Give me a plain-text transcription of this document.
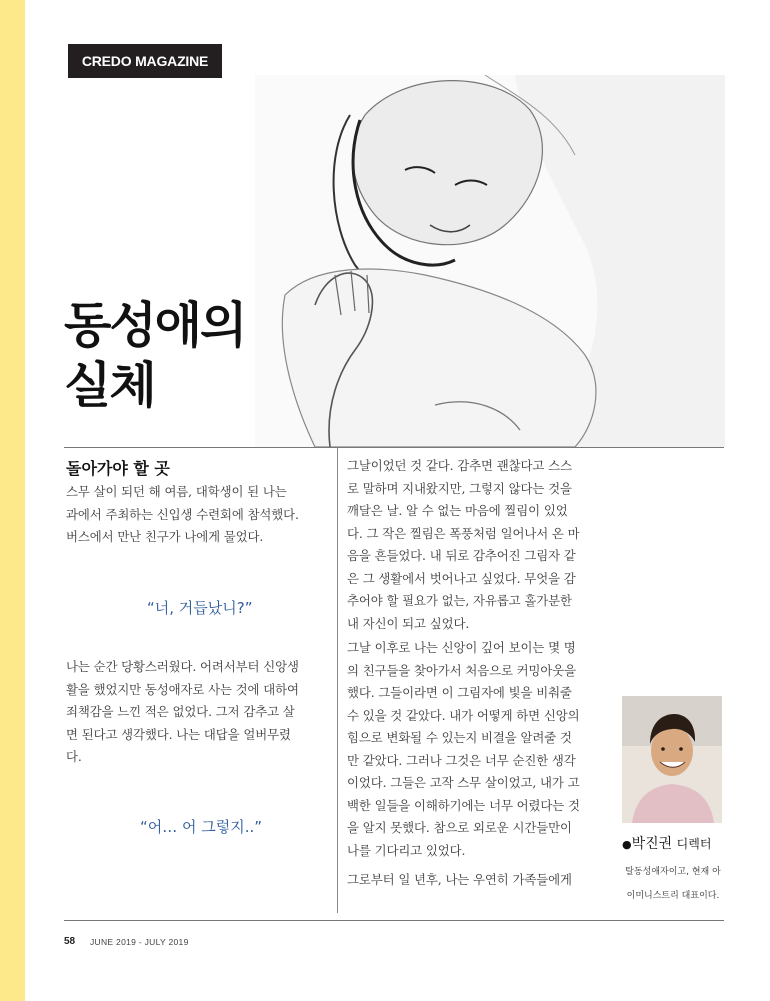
CREDO MAGAZINE
동성애의
실체
돌아가야 할 곳
스무 살이 되던 해 여름, 대학생이 된 나는
과에서 주최하는 신입생 수련회에 참석했다.
버스에서 만난 친구가 나에게 물었다.
“너, 거듭났니?”
나는 순간 당황스러웠다. 어려서부터 신앙생
활을 했었지만 동성애자로 사는 것에 대하여
죄책감을 느낀 적은 없었다. 그저 감추고 살
면 된다고 생각했다. 나는 대답을 얼버무렸
다.
“어… 어 그렇지..”
그날이었던 것 같다. 감추면 괜찮다고 스스
로 말하며 지내왔지만, 그렇지 않다는 것을
깨달은 날. 알 수 없는 마음에 찔림이 있었
다. 그 작은 찔림은 폭풍처럼 일어나서 온 마
음을 흔들었다. 내 뒤로 감추어진 그림자 같
은 그 생활에서 벗어나고 싶었다. 무엇을 감
추어야 할 필요가 없는, 자유롭고 홀가분한
내 자신이 되고 싶었다.
그날 이후로 나는 신앙이 깊어 보이는 몇 명
의 친구들을 찾아가서 처음으로 커밍아웃을
했다. 그들이라면 이 그림자에 빛을 비춰줄
수 있을 것 같았다. 내가 어떻게 하면 신앙의
힘으로 변화될 수 있는지 비결을 알려줄 것
만 같았다. 그러나 그것은 너무 순진한 생각
이었다. 그들은 고작 스무 살이었고, 내가 고
백한 일들을 이해하기에는 너무 어렸다는 것
을 알지 못했다. 참으로 외로운 시간들만이
나를 기다리고 있었다.
그로부터 일 년후, 나는 우연히 가족들에게
●박진권 디렉터
탈동성애자이고, 현재 아
이미니스트리 대표이다.
58 JUNE 2019 - JULY 2019
